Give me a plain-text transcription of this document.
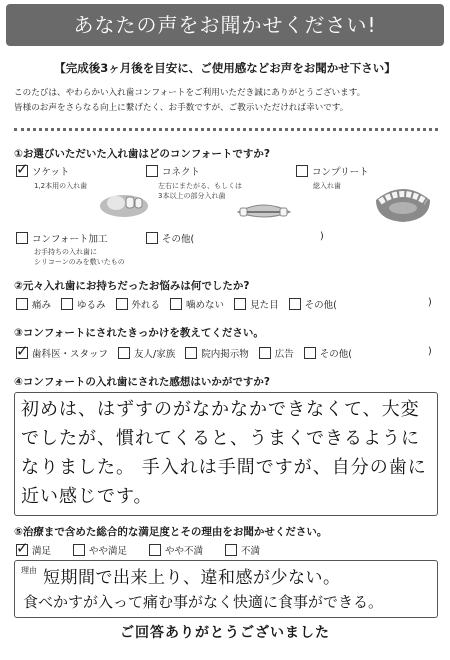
あなたの声をお聞かせください!
【完成後3ヶ月後を目安に、ご使用感などお声をお聞かせ下さい】
このたびは、やわらかい入れ歯コンフォートをご利用いただき誠にありがとうございます。
皆様のお声をさらなる向上に繋げたく、お手数ですが、ご教示いただければ幸いです。
①お選びいただいた入れ歯はどのコンフォートですか?
✓
ソケット
1,2本用の入れ歯
コネクト
左右にまたがる、もしくは
3本以上の部分入れ歯
コンプリート
総入れ歯
コンフォート加工
お手持ちの入れ歯に
シリコーンのみを敷いたもの
その他(	)
②元々入れ歯にお持ちだったお悩みは何でしたか?
痛み	ゆるみ	外れる	噛めない	見た目	その他(	)
③コンフォートにされたきっかけを教えてください。
✓
歯科医・スタッフ	友人/家族	院内掲示物	広告	その他(	)
④コンフォートの入れ歯にされた感想はいかがですか?
初めは、はずすのがなかなかできなくて、大変
でしたが、慣れてくると、うまくできるように
なりました。 手入れは手間ですが、自分の歯に
近い感じです。
⑤治療まで含めた総合的な満足度とその理由をお聞かせください。
✓
満足	やや満足	やや不満	不満
理由 短期間で出来上り、違和感が少ない。
食べかすが入って痛む事がなく快適に食事ができる。
ご回答ありがとうございました
